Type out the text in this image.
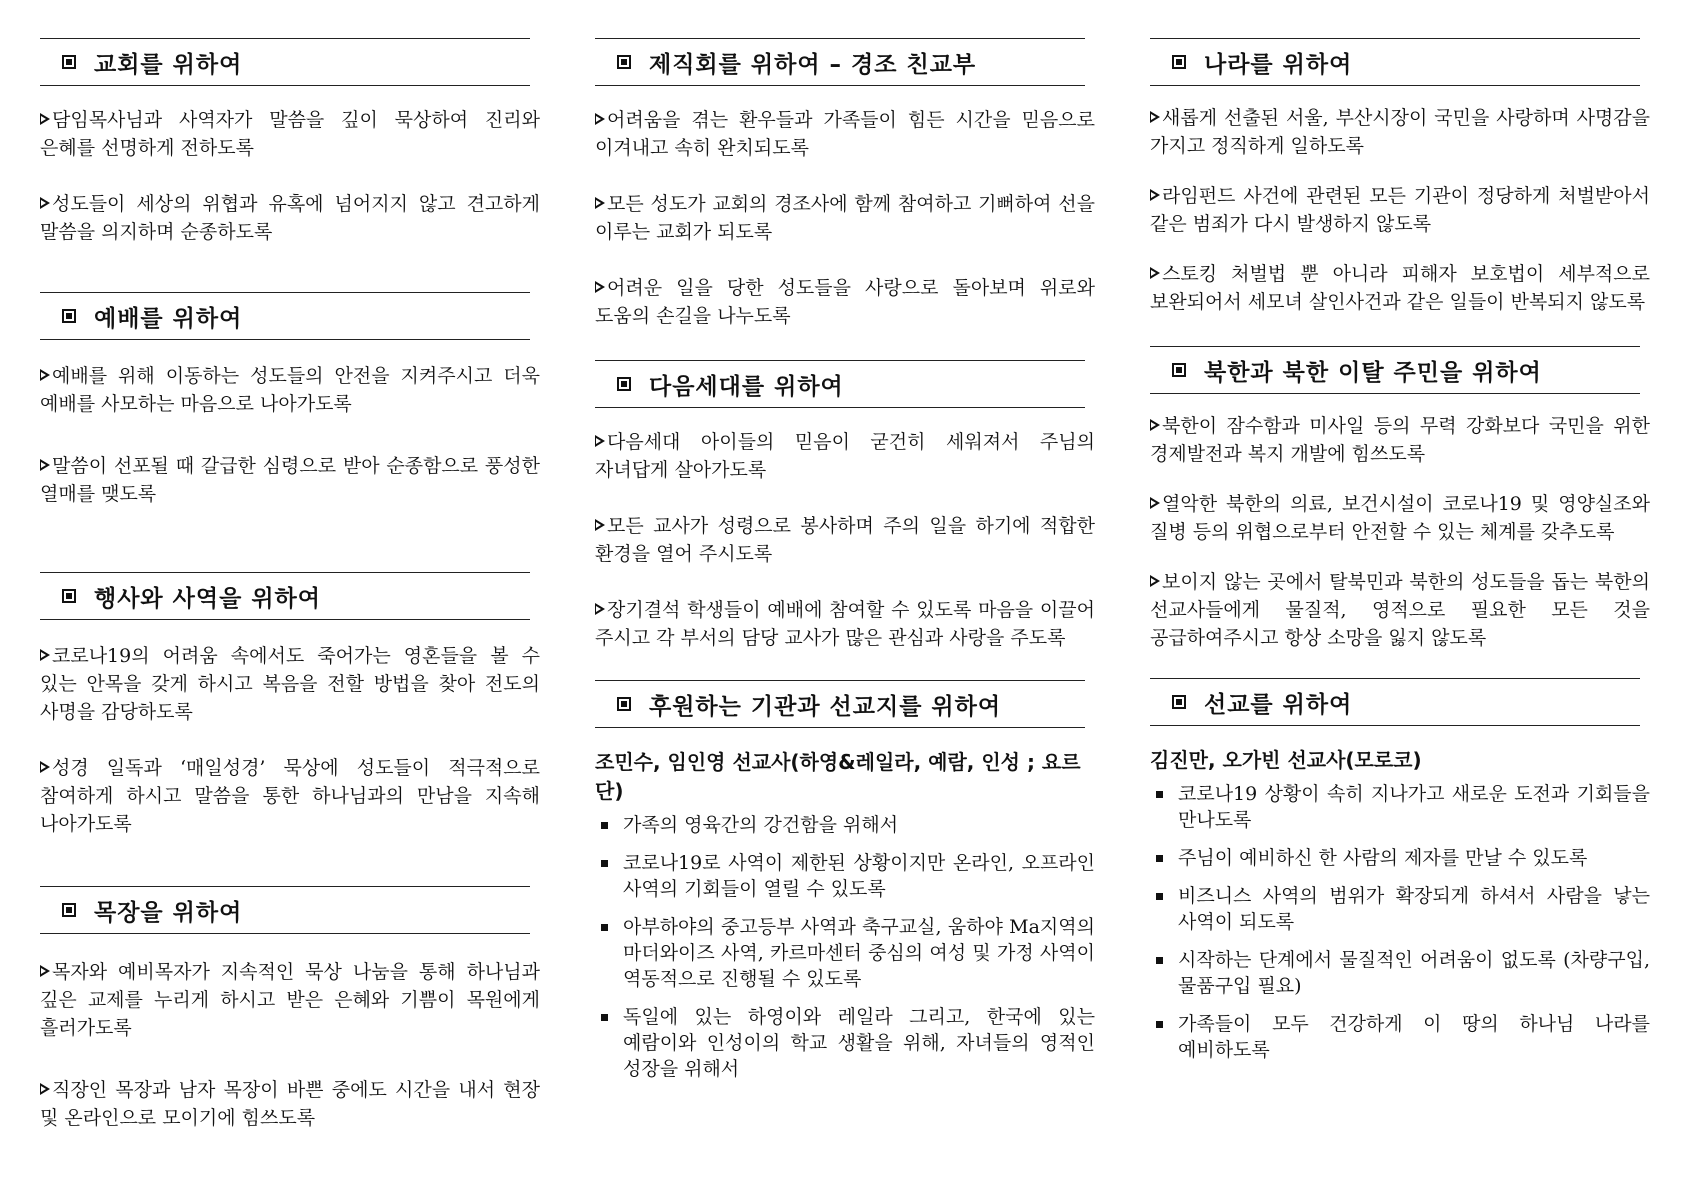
교회를 위하여
담임목사님과 사역자가 말씀을 깊이 묵상하여 진리와 은혜를 선명하게 전하도록
성도들이 세상의 위협과 유혹에 넘어지지 않고 견고하게 말씀을 의지하며 순종하도록
예배를 위하여
예배를 위해 이동하는 성도들의 안전을 지켜주시고 더욱 예배를 사모하는 마음으로 나아가도록
말씀이 선포될 때 갈급한 심령으로 받아 순종함으로 풍성한 열매를 맺도록
행사와 사역을 위하여
코로나19의 어려움 속에서도 죽어가는 영혼들을 볼 수 있는 안목을 갖게 하시고 복음을 전할 방법을 찾아 전도의 사명을 감당하도록
성경 일독과 ‘매일성경’ 묵상에 성도들이 적극적으로 참여하게 하시고 말씀을 통한 하나님과의 만남을 지속해 나아가도록
목장을 위하여
목자와 예비목자가 지속적인 묵상 나눔을 통해 하나님과 깊은 교제를 누리게 하시고 받은 은혜와 기쁨이 목원에게 흘러가도록
직장인 목장과 남자 목장이 바쁜 중에도 시간을 내서 현장 및 온라인으로 모이기에 힘쓰도록
제직회를 위하여 – 경조 친교부
어려움을 겪는 환우들과 가족들이 힘든 시간을 믿음으로 이겨내고 속히 완치되도록
모든 성도가 교회의 경조사에 함께 참여하고 기뻐하여 선을 이루는 교회가 되도록
어려운 일을 당한 성도들을 사랑으로 돌아보며 위로와 도움의 손길을 나누도록
다음세대를 위하여
다음세대 아이들의 믿음이 굳건히 세워져서 주님의 자녀답게 살아가도록
모든 교사가 성령으로 봉사하며 주의 일을 하기에 적합한 환경을 열어 주시도록
장기결석 학생들이 예배에 참여할 수 있도록 마음을 이끌어 주시고 각 부서의 담당 교사가 많은 관심과 사랑을 주도록
후원하는 기관과 선교지를 위하여
조민수, 임인영 선교사(하영&레일라, 예람, 인성 ; 요르단)
가족의 영육간의 강건함을 위해서
코로나19로 사역이 제한된 상황이지만 온라인, 오프라인 사역의 기회들이 열릴 수 있도록
아부하야의 중고등부 사역과 축구교실, 움하야 Ma지역의 마더와이즈 사역, 카르마센터 중심의 여성 및 가정 사역이 역동적으로 진행될 수 있도록
독일에 있는 하영이와 레일라 그리고, 한국에 있는 예람이와 인성이의 학교 생활을 위해, 자녀들의 영적인 성장을 위해서
나라를 위하여
새롭게 선출된 서울, 부산시장이 국민을 사랑하며 사명감을 가지고 정직하게 일하도록
라임펀드 사건에 관련된 모든 기관이 정당하게 처벌받아서 같은 범죄가 다시 발생하지 않도록
스토킹 처벌법 뿐 아니라 피해자 보호법이 세부적으로 보완되어서 세모녀 살인사건과 같은 일들이 반복되지 않도록
북한과 북한 이탈 주민을 위하여
북한이 잠수함과 미사일 등의 무력 강화보다 국민을 위한 경제발전과 복지 개발에 힘쓰도록
열악한 북한의 의료, 보건시설이 코로나19 및 영양실조와 질병 등의 위협으로부터 안전할 수 있는 체계를 갖추도록
보이지 않는 곳에서 탈북민과 북한의 성도들을 돕는 북한의 선교사들에게 물질적, 영적으로 필요한 모든 것을 공급하여주시고 항상 소망을 잃지 않도록
선교를 위하여
김진만, 오가빈 선교사(모로코)
코로나19 상황이 속히 지나가고 새로운 도전과 기회들을 만나도록
주님이 예비하신 한 사람의 제자를 만날 수 있도록
비즈니스 사역의 범위가 확장되게 하셔서 사람을 낳는 사역이 되도록
시작하는 단계에서 물질적인 어려움이 없도록 (차량구입, 물품구입 필요)
가족들이 모두 건강하게 이 땅의 하나님 나라를 예비하도록
